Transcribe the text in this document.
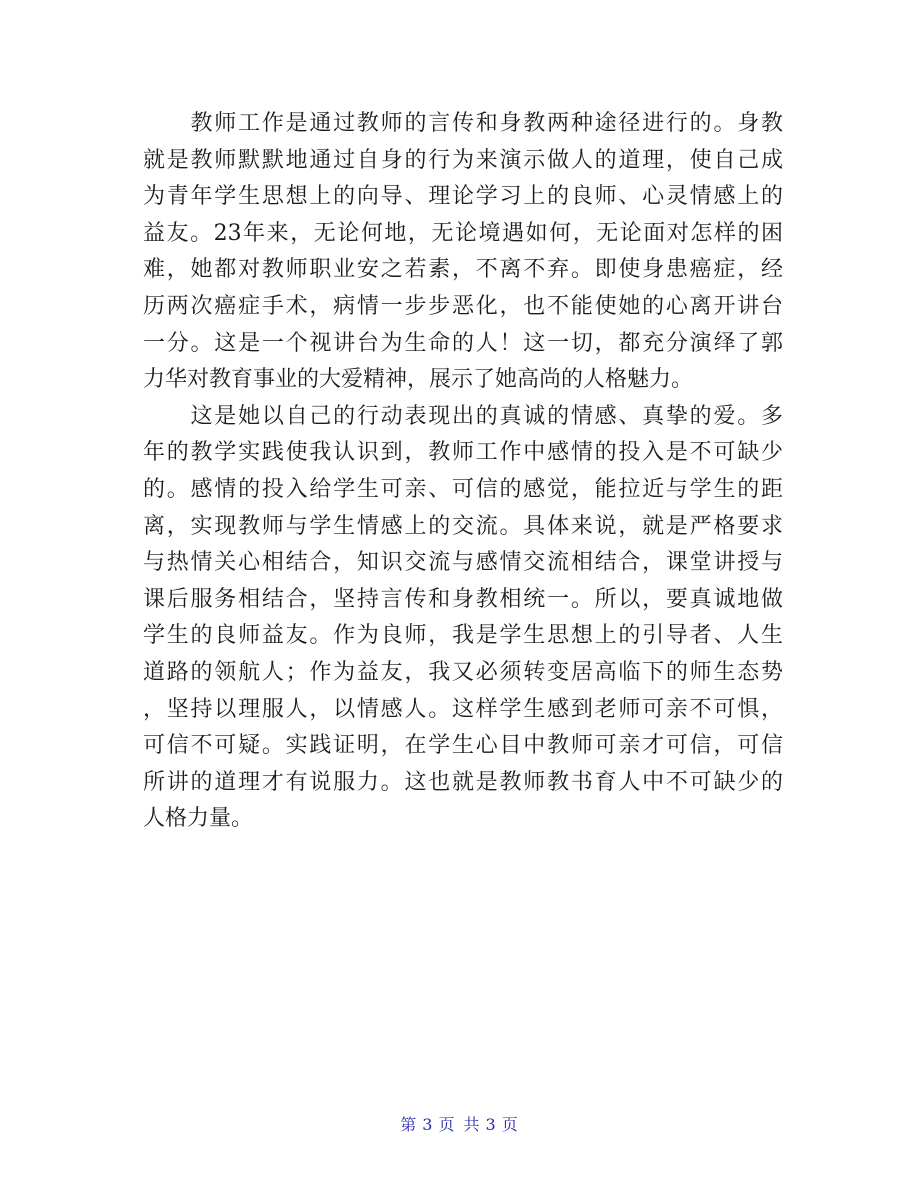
　　教师工作是通过教师的言传和身教两种途径进行的。身教
就是教师默默地通过自身的行为来演示做人的道理，使自己成
为青年学生思想上的向导、理论学习上的良师、心灵情感上的
益友。23年来，无论何地，无论境遇如何，无论面对怎样的困
难，她都对教师职业安之若素，不离不弃。即使身患癌症，经
历两次癌症手术，病情一步步恶化，也不能使她的心离开讲台
一分。这是一个视讲台为生命的人！这一切，都充分演绎了郭
力华对教育事业的大爱精神，展示了她高尚的人格魅力。
　　这是她以自己的行动表现出的真诚的情感、真挚的爱。多
年的教学实践使我认识到，教师工作中感情的投入是不可缺少
的。感情的投入给学生可亲、可信的感觉，能拉近与学生的距
离，实现教师与学生情感上的交流。具体来说，就是严格要求
与热情关心相结合，知识交流与感情交流相结合，课堂讲授与
课后服务相结合，坚持言传和身教相统一。所以，要真诚地做
学生的良师益友。作为良师，我是学生思想上的引导者、人生
道路的领航人；作为益友，我又必须转变居高临下的师生态势
，坚持以理服人，以情感人。这样学生感到老师可亲不可惧，
可信不可疑。实践证明，在学生心目中教师可亲才可信，可信
所讲的道理才有说服力。这也就是教师教书育人中不可缺少的
人格力量。
第 3 页 共 3 页
